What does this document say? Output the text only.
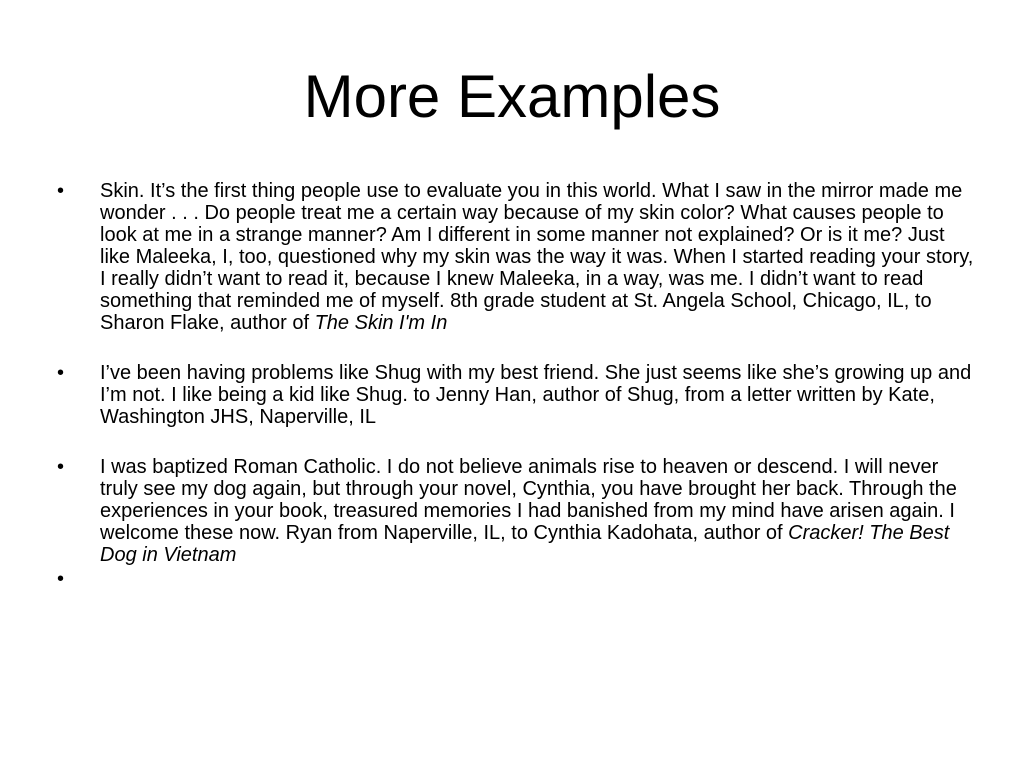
More Examples
• Skin. It’s the first thing people use to evaluate you in this world. What I saw in the mirror made me wonder . . . Do people treat me a certain way because of my skin color? What causes people to look at me in a strange manner? Am I different in some manner not explained? Or is it me? Just like Maleeka, I, too, questioned why my skin was the way it was. When I started reading your story, I really didn’t want to read it, because I knew Maleeka, in a way, was me. I didn’t want to read something that reminded me of myself. 8th grade student at St. Angela School, Chicago, IL, to Sharon Flake, author of The Skin I'm In
• I’ve been having problems like Shug with my best friend. She just seems like she’s growing up and I’m not. I like being a kid like Shug. to Jenny Han, author of Shug, from a letter written by Kate, Washington JHS, Naperville, IL
• I was baptized Roman Catholic. I do not believe animals rise to heaven or descend. I will never truly see my dog again, but through your novel, Cynthia, you have brought her back. Through the experiences in your book, treasured memories I had banished from my mind have arisen again. I welcome these now. Ryan from Naperville, IL, to Cynthia Kadohata, author of Cracker! The Best Dog in Vietnam
•
